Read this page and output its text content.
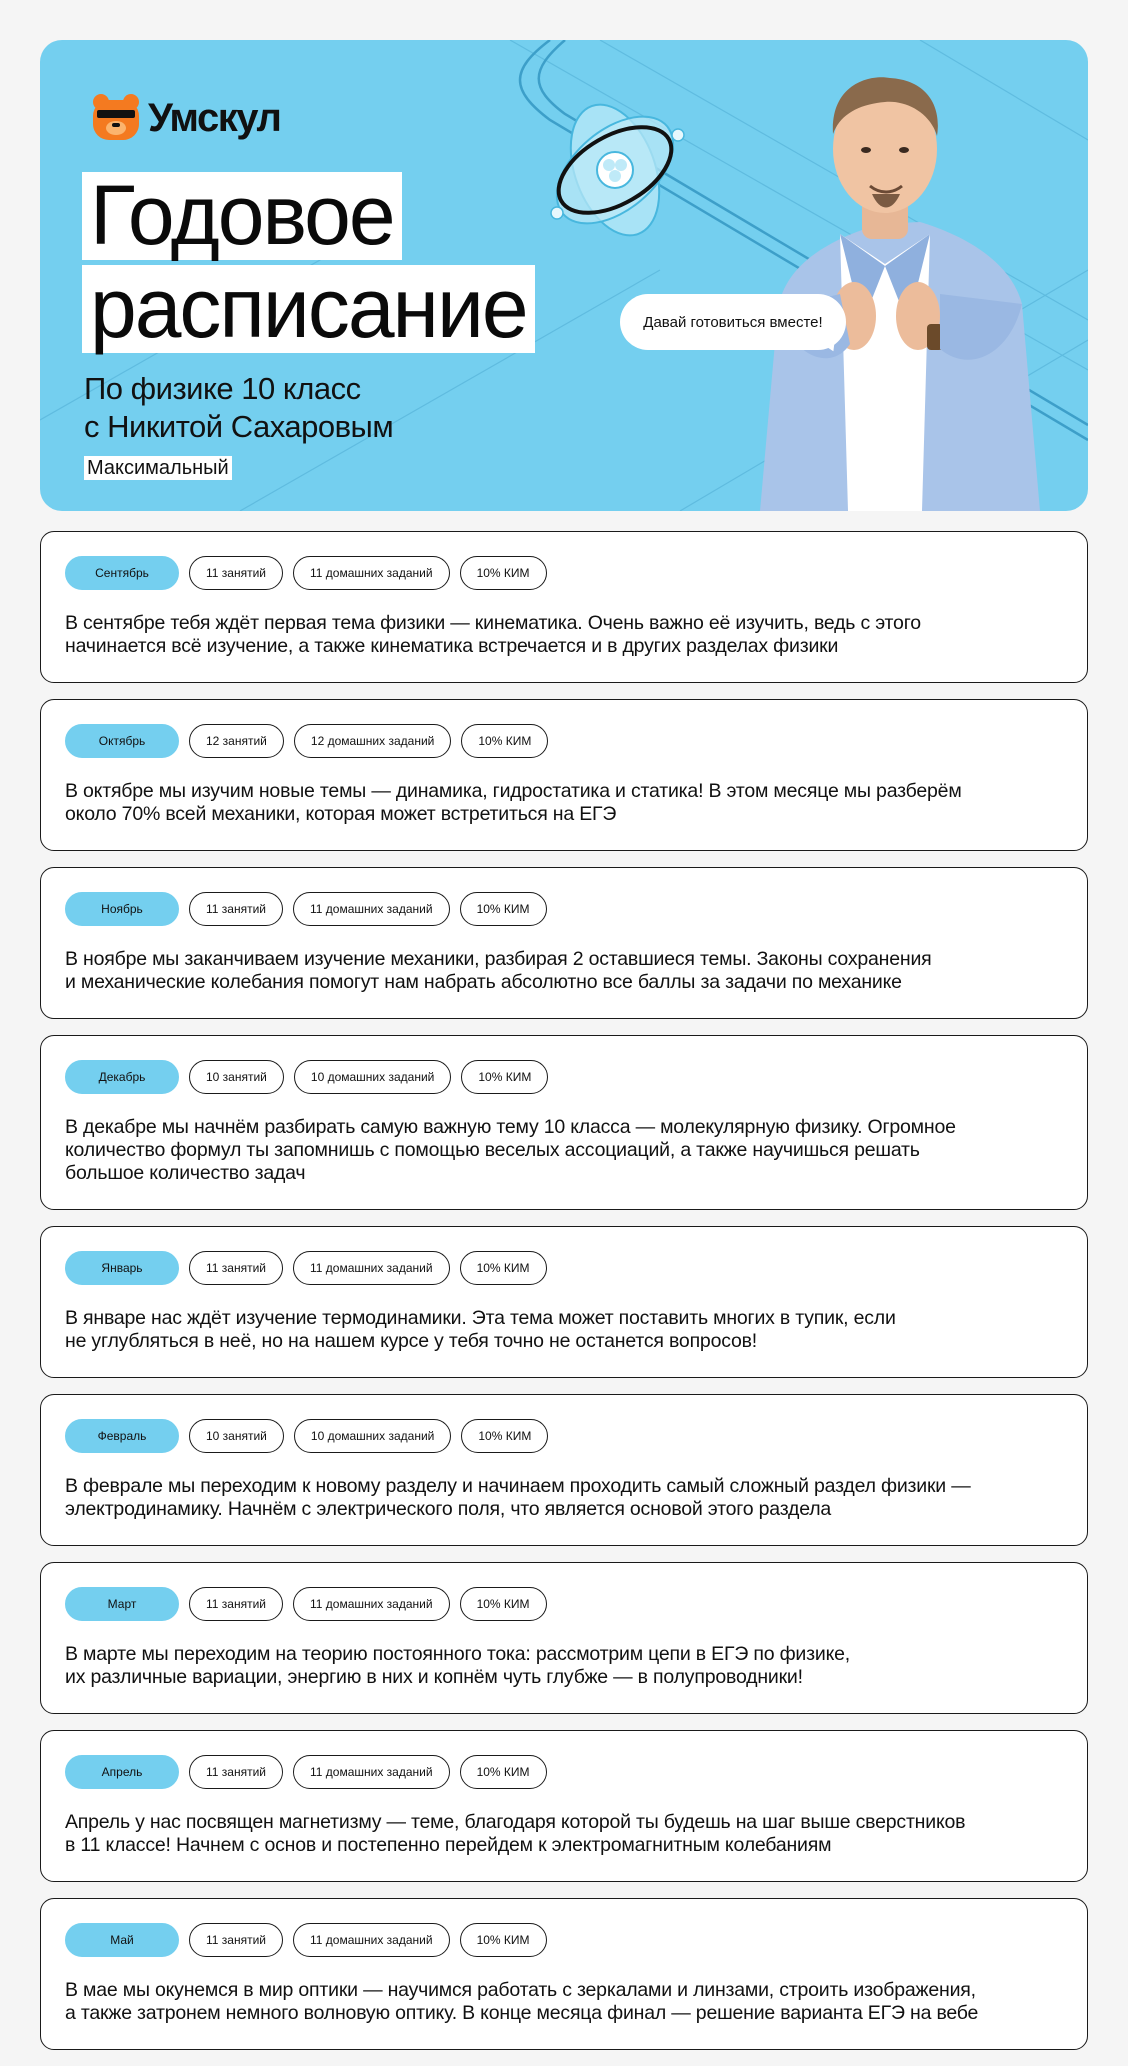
Умскул
Годовое
расписание
По физике 10 класс
с Никитой Сахаровым
Максимальный
Давай готовиться вместе!
Сентябрь	11 занятий	11 домашних заданий	10% КИМ
В сентябре тебя ждёт первая тема физики — кинематика. Очень важно её изучить, ведь с этого
начинается всё изучение, а также кинематика встречается и в других разделах физики
Октябрь	12 занятий	12 домашних заданий	10% КИМ
В октябре мы изучим новые темы — динамика, гидростатика и статика! В этом месяце мы разберём
около 70% всей механики, которая может встретиться на ЕГЭ
Ноябрь	11 занятий	11 домашних заданий	10% КИМ
В ноябре мы заканчиваем изучение механики, разбирая 2 оставшиеся темы. Законы сохранения
и механические колебания помогут нам набрать абсолютно все баллы за задачи по механике
Декабрь	10 занятий	10 домашних заданий	10% КИМ
В декабре мы начнём разбирать самую важную тему 10 класса — молекулярную физику. Огромное
количество формул ты запомнишь с помощью веселых ассоциаций, а также научишься решать
большое количество задач
Январь	11 занятий	11 домашних заданий	10% КИМ
В январе нас ждёт изучение термодинамики. Эта тема может поставить многих в тупик, если
не углубляться в неё, но на нашем курсе у тебя точно не останется вопросов!
Февраль	10 занятий	10 домашних заданий	10% КИМ
В феврале мы переходим к новому разделу и начинаем проходить самый сложный раздел физики —
электродинамику. Начнём с электрического поля, что является основой этого раздела
Март	11 занятий	11 домашних заданий	10% КИМ
В марте мы переходим на теорию постоянного тока: рассмотрим цепи в ЕГЭ по физике,
их различные вариации, энергию в них и копнём чуть глубже — в полупроводники!
Апрель	11 занятий	11 домашних заданий	10% КИМ
Апрель у нас посвящен магнетизму — теме, благодаря которой ты будешь на шаг выше сверстников
в 11 классе! Начнем с основ и постепенно перейдем к электромагнитным колебаниям
Май	11 занятий	11 домашних заданий	10% КИМ
В мае мы окунемся в мир оптики — научимся работать с зеркалами и линзами, строить изображения,
а также затронем немного волновую оптику. В конце месяца финал — решение варианта ЕГЭ на вебе
